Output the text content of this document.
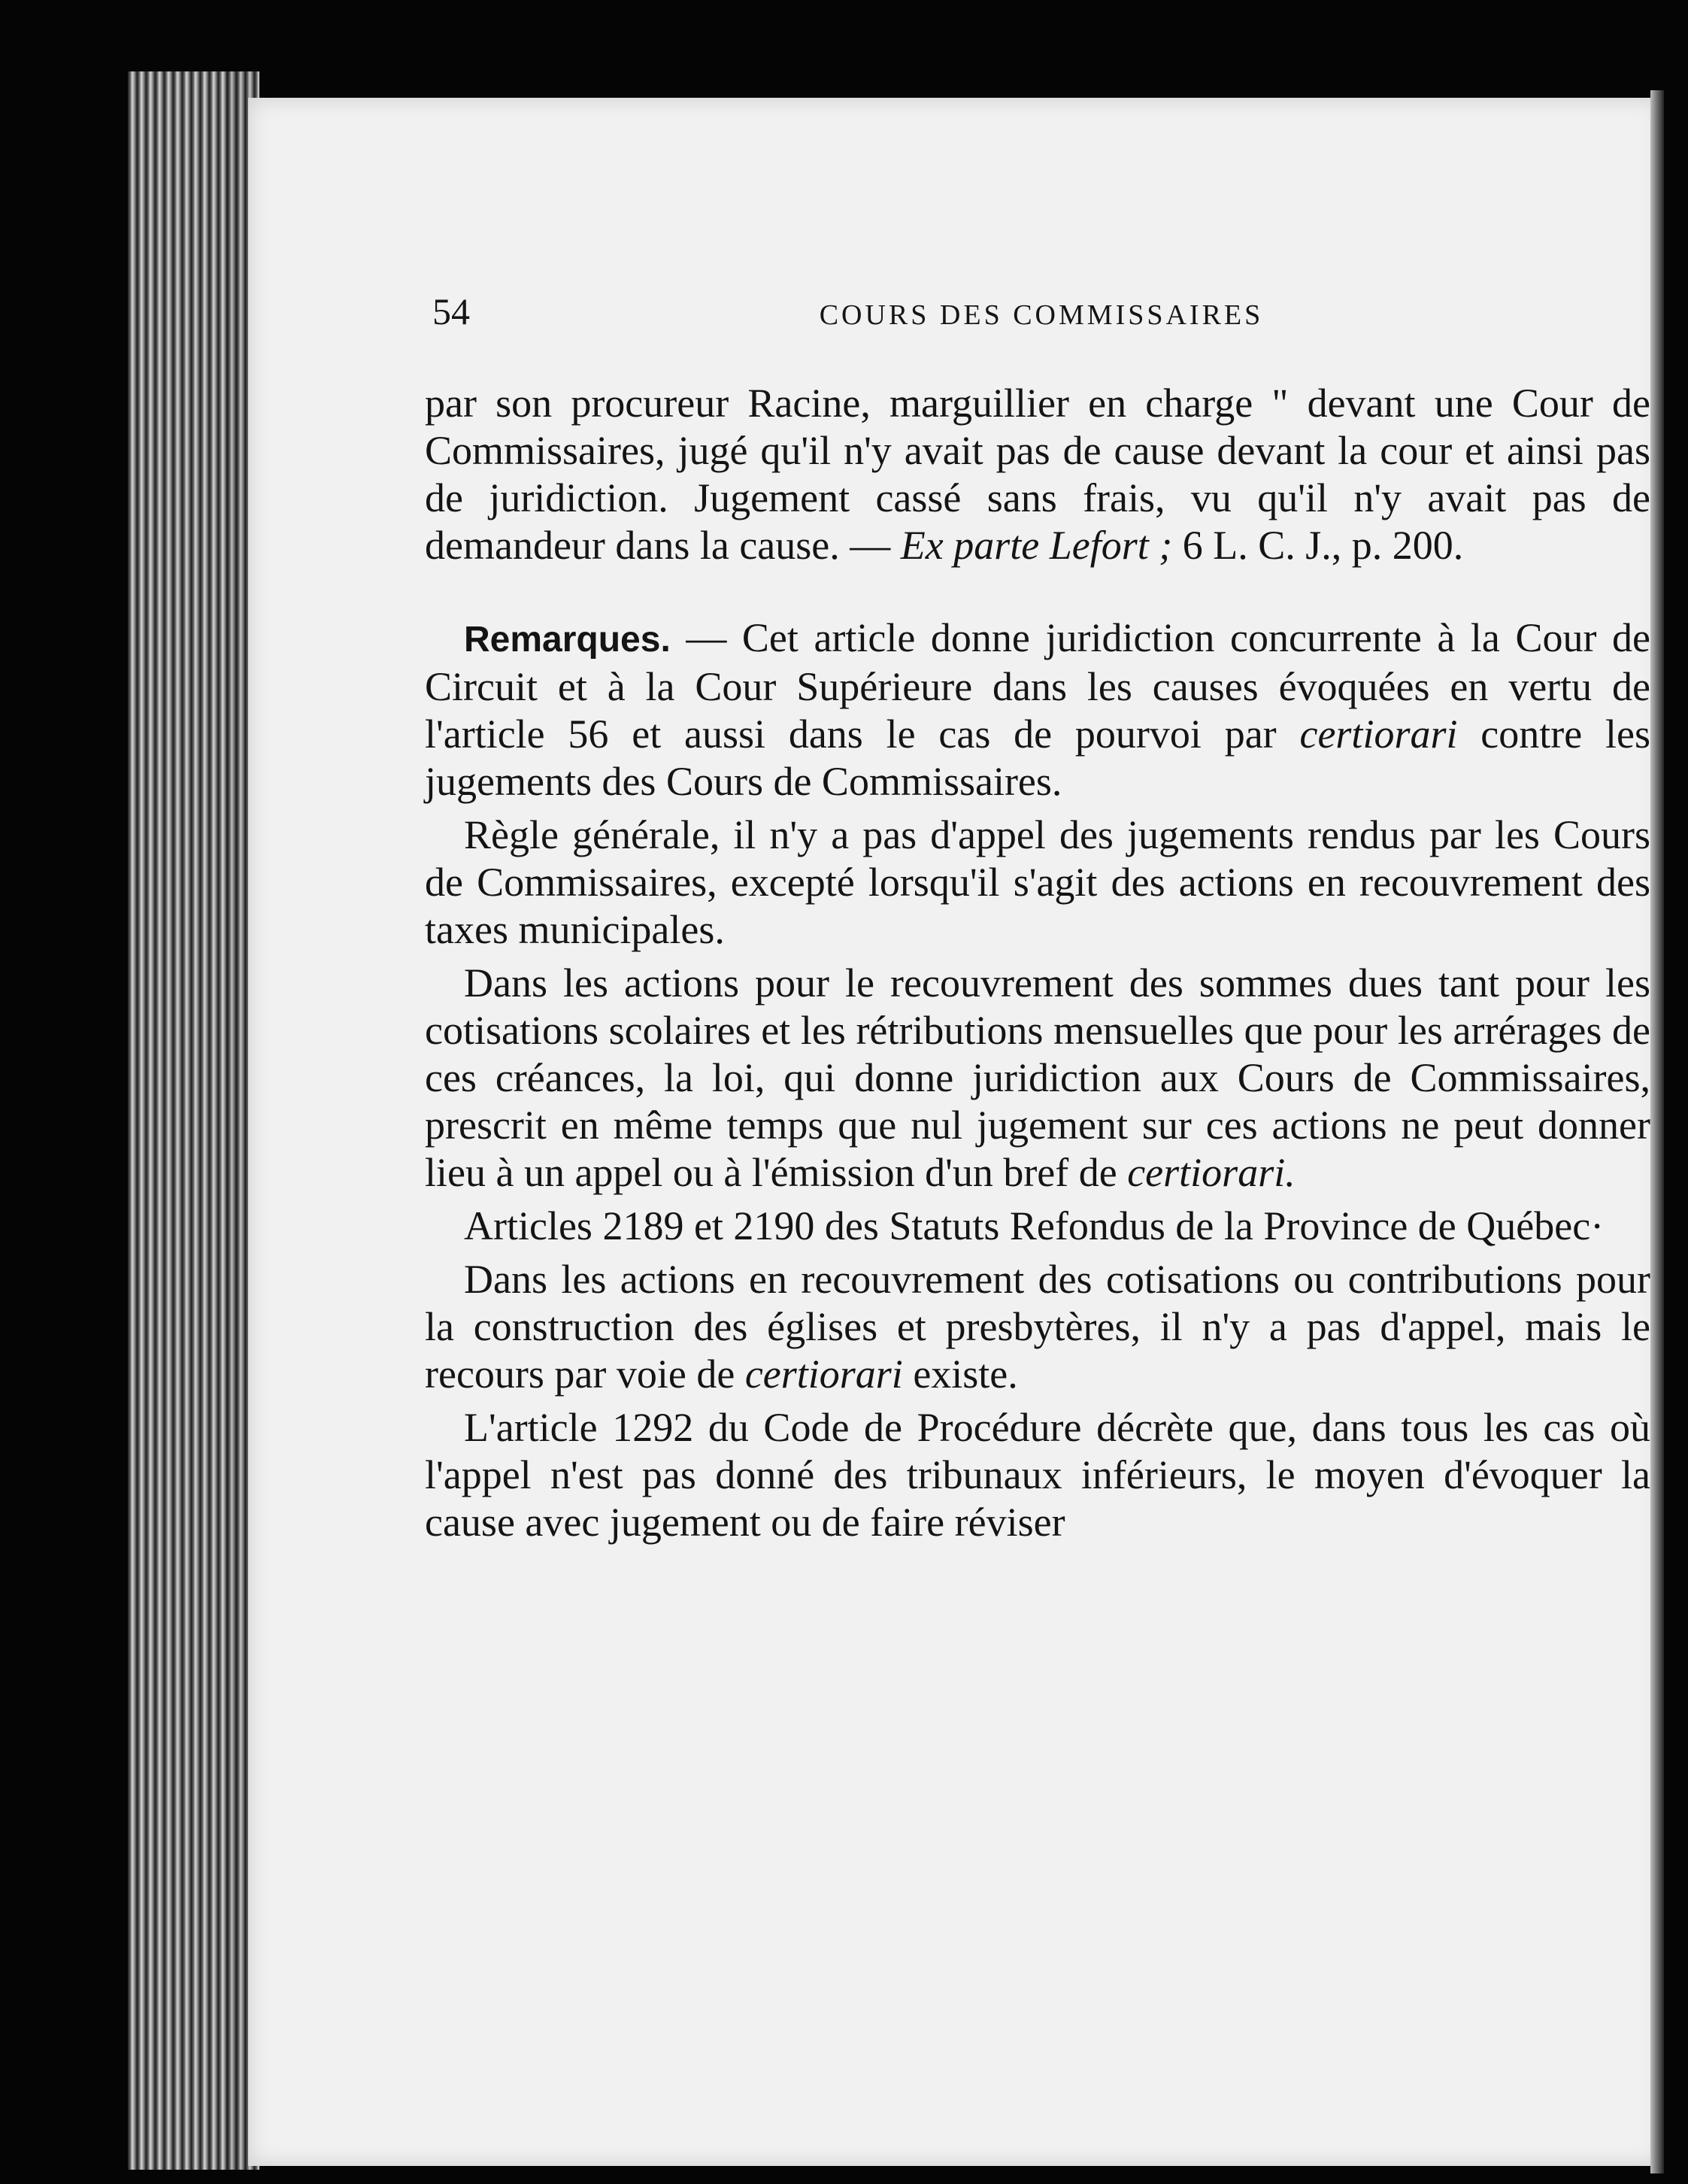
54	COURS DES COMMISSAIRES

par son procureur Racine, marguillier en charge " devant une Cour de Commissaires, jugé qu'il n'y avait pas de cause devant la cour et ainsi pas de juridiction. Jugement cassé sans frais, vu qu'il n'y avait pas de demandeur dans la cause. — Ex parte Lefort ; 6 L. C. J., p. 200.

Remarques. — Cet article donne juridiction concurrente à la Cour de Circuit et à la Cour Supérieure dans les causes évoquées en vertu de l'article 56 et aussi dans le cas de pourvoi par certiorari contre les jugements des Cours de Commissaires.

Règle générale, il n'y a pas d'appel des jugements rendus par les Cours de Commissaires, excepté lorsqu'il s'agit des actions en recouvrement des taxes municipales.

Dans les actions pour le recouvrement des sommes dues tant pour les cotisations scolaires et les rétributions mensuelles que pour les arrérages de ces créances, la loi, qui donne juridiction aux Cours de Commissaires, prescrit en même temps que nul jugement sur ces actions ne peut donner lieu à un appel ou à l'émission d'un bref de certiorari.

Articles 2189 et 2190 des Statuts Refondus de la Province de Québec·

Dans les actions en recouvrement des cotisations ou contributions pour la construction des églises et presbytères, il n'y a pas d'appel, mais le recours par voie de certiorari existe.

L'article 1292 du Code de Procédure décrète que, dans tous les cas où l'appel n'est pas donné des tribunaux inférieurs, le moyen d'évoquer la cause avec jugement ou de faire réviser
